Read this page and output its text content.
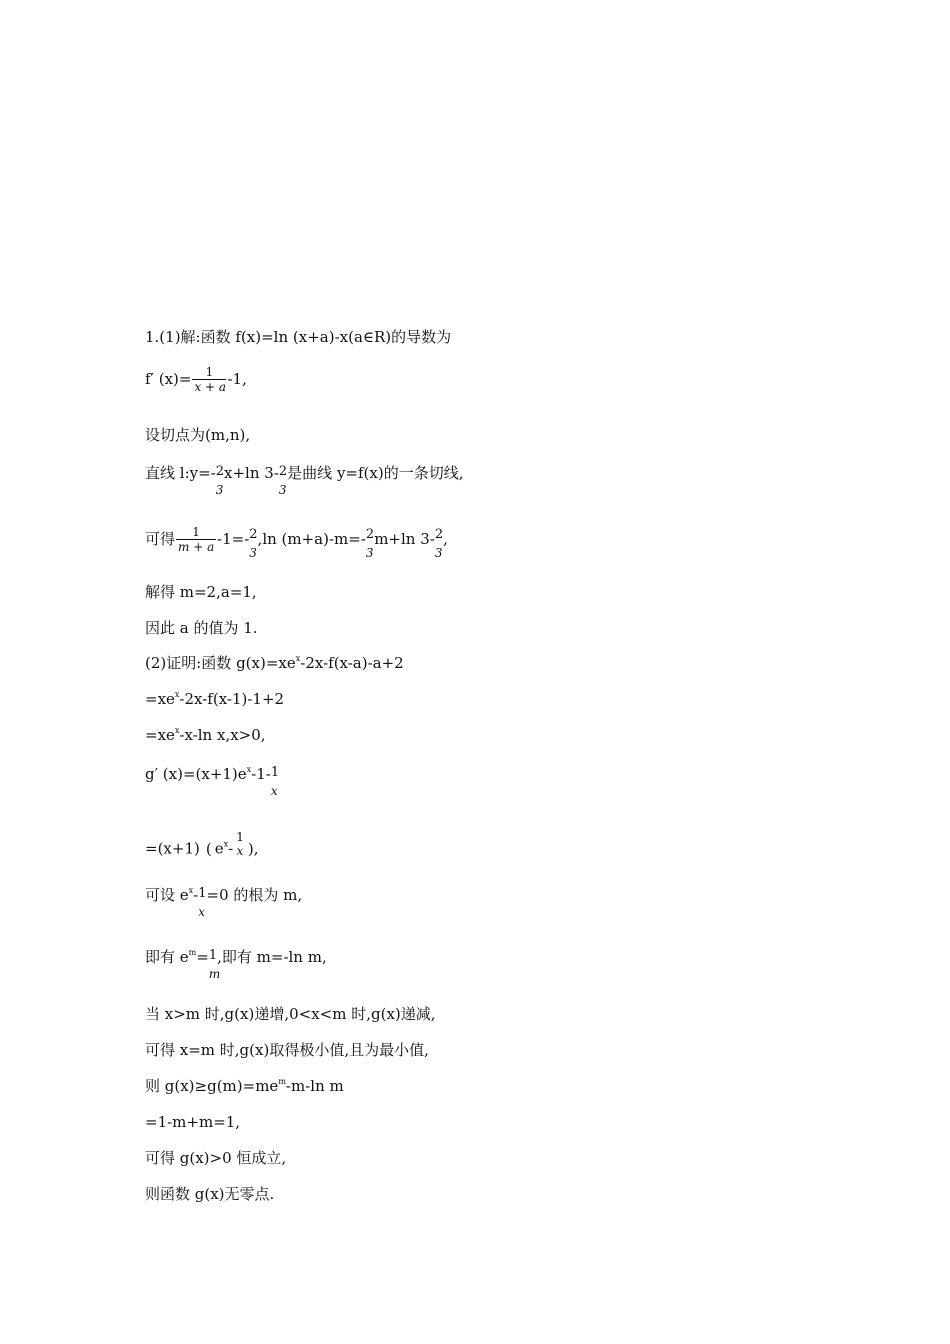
1.(1)解:函数 f(x)=ln (x+a)-x(a∈R)的导数为
f′ $(x)= \frac{1}{x + a} -1$,
设切点为(m,n),
直线 l:y=- 2
3
x+ln 3- 2
3
是曲线 y=f(x)的一条切线,
可得 $\frac{1}{m + a} -1=-$ 2
3
,ln (m+a)-m=- 2
3
m+ln 3- 2
3
,
解得 m=2,a=1,
因此 a 的值为 1.
(2)证明:函数 $g(x)=xe^x-2x-f(x-a)-a+2$
$=xe^x-2x-f(x-1)-1+2$
$=xe^x-x-\ln$ x,x>0,
g′ $(x)=(x+1)e^x-1-$ 1
x
=(x+1) ( $e^x-$
1
x ),
可设 $e^x-$ 1
x
=0 的根为 m,
即有 $e^m= 1$
m
,即有 m=-ln m,
当 x>m 时,g(x)递增,0<x<m 时,g(x)递减,
可得 x=m 时,g(x)取得极小值,且为最小值,
则 $g(x)\ge g(m)=me^m-m-\ln$ m
=1-m+m=1,
可得 g(x)>0 恒成立,
则函数 g(x)无零点.
